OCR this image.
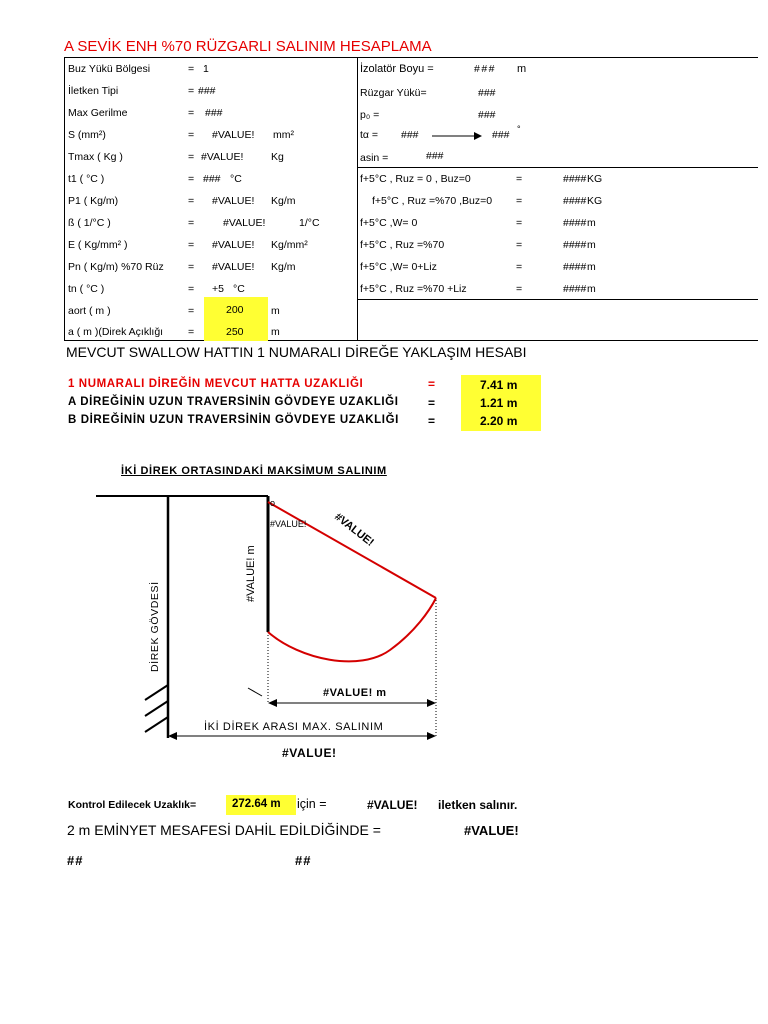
A SEVİK ENH %70 RÜZGARLI SALINIM HESAPLAMA
Buz Yükü Bölgesi	= 1
İletken Tipi	= ###
Max Gerilme	= ###
S (mm²)	= #VALUE! mm²
Tmax ( Kg )	= #VALUE!	Kg
t1 ( °C )	= ### °C
P1 ( Kg/m)	= #VALUE! Kg/m
ß ( 1/°C )	=	#VALUE!	1/°C
E ( Kg/mm² )	= #VALUE! Kg/mm²
Pn ( Kg/m) %70 Rüz = #VALUE! Kg/m
tn ( °C )	= +5 °C
aort ( m )	=	200	m
a ( m )(Direk Açıklığı =	250	m
İzolatör Boyu =	### m
Rüzgar Yükü=	###
p₀ =	###
tα = ###	### °
asin =	###
f+5°C , Ruz = 0 , Buz=0	=	#### KG
f+5°C , Ruz =%70 ,Buz=0 =	#### KG
f+5°C ,W= 0	=	#### m
f+5°C , Ruz =%70	=	#### m
f+5°C ,W= 0+Liz	=	#### m
f+5°C , Ruz =%70 +Liz	=	#### m
MEVCUT SWALLOW HATTIN 1 NUMARALI DİREĞE YAKLAŞIM HESABI
1 NUMARALI DİREĞİN MEVCUT HATTA UZAKLIĞI	=	7.41 m
A DİREĞİNİN UZUN TRAVERSİNİN GÖVDEYE UZAKLIĞI =	1.21 m
B DİREĞİNİN UZUN TRAVERSİNİN GÖVDEYE UZAKLIĞI =	2.20 m
İKİ DİREK ORTASINDAKİ MAKSİMUM SALINIM
DİREK GÖVDESİ
#VALUE! m
#VALUE!
o
#VALUE!
#VALUE! m
İKİ DİREK ARASI MAX. SALINIM
#VALUE!
Kontrol Edilecek Uzaklık=	272.64 m için =	#VALUE! iletken salınır.
2 m EMİNYET MESAFESİ DAHİL EDİLDİĞİNDE =	#VALUE!
##	##
